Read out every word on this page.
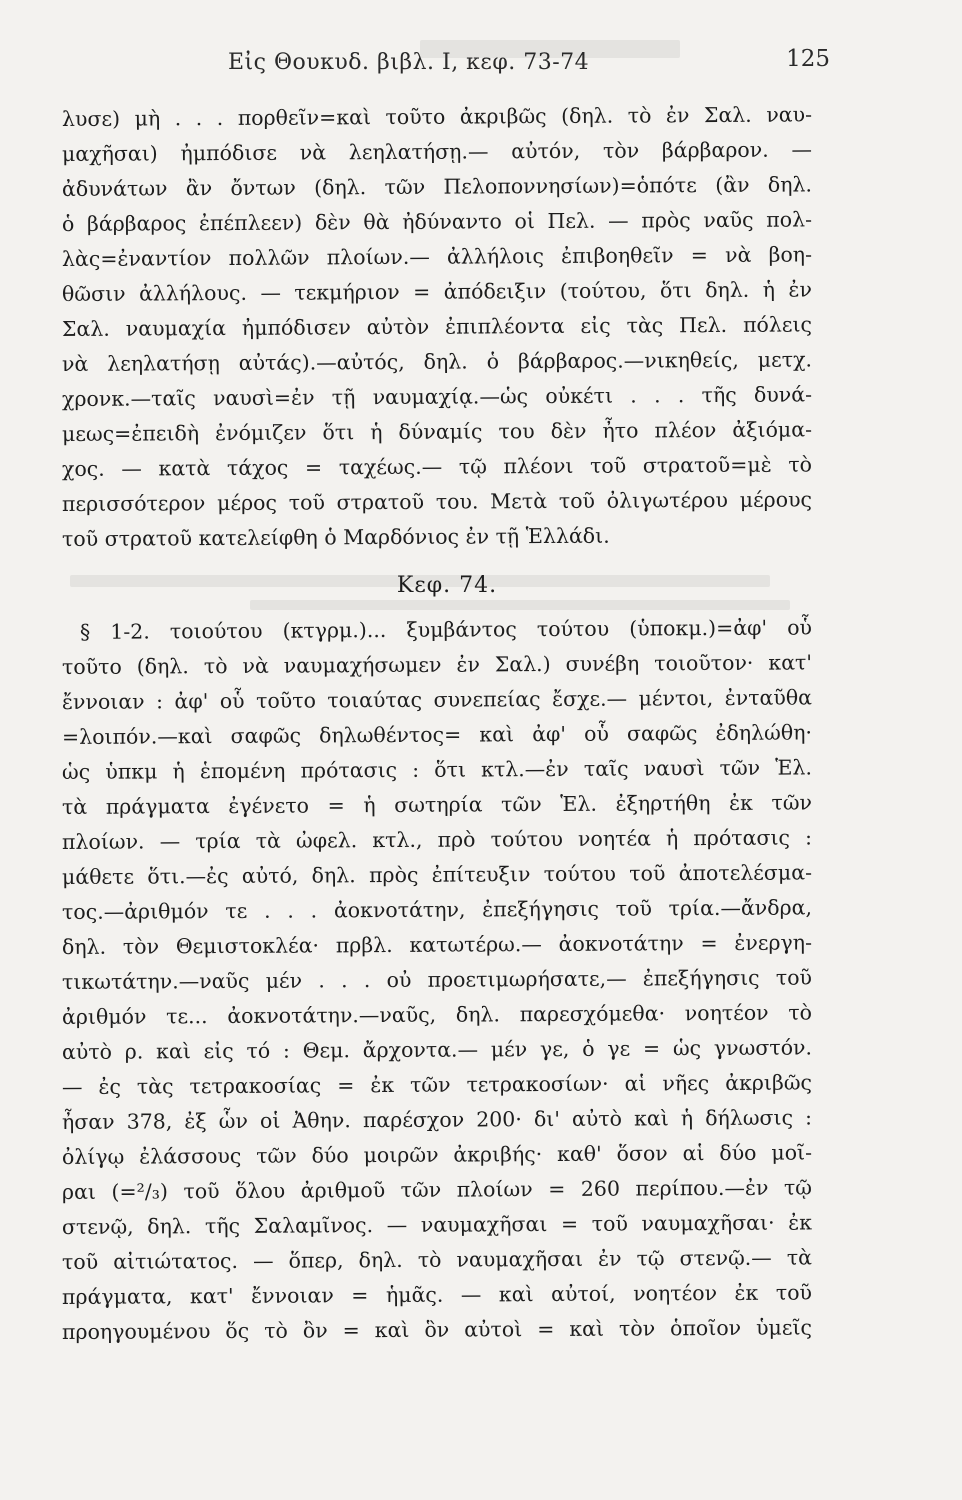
Εἰς Θουκυδ. βιβλ. I, κεφ. 73-74	125
λυσε) μὴ . . . πορθεῖν=καὶ τοῦτο ἀκριβῶς (δηλ. τὸ ἐν Σαλ. ναυ-
μαχῆσαι) ἠμπόδισε νὰ λεηλατήσῃ.— αὐτόν, τὸν βάρβαρον. —
ἀδυνάτων ἂν ὄντων (δηλ. τῶν Πελοποννησίων)=ὁπότε (ἂν δηλ.
ὁ βάρβαρος ἐπέπλεεν) δὲν θὰ ἠδύναντο οἱ Πελ. — πρὸς ναῦς πολ-
λὰς=ἐναντίον πολλῶν πλοίων.— ἀλλήλοις ἐπιβοηθεῖν = νὰ βοη-
θῶσιν ἀλλήλους. — τεκμήριον = ἀπόδειξιν (τούτου, ὅτι δηλ. ἡ ἐν
Σαλ. ναυμαχία ἠμπόδισεν αὐτὸν ἐπιπλέοντα εἰς τὰς Πελ. πόλεις
νὰ λεηλατήσῃ αὐτάς).—αὐτός, δηλ. ὁ βάρβαρος.—νικηθείς, μετχ.
χρονκ.—ταῖς ναυσὶ=ἐν τῇ ναυμαχίᾳ.—ὡς οὐκέτι . . . τῆς δυνά-
μεως=ἐπειδὴ ἐνόμιζεν ὅτι ἡ δύναμίς του δὲν ἦτο πλέον ἀξιόμα-
χος. — κατὰ τάχος = ταχέως.— τῷ πλέονι τοῦ στρατοῦ=μὲ τὸ
περισσότερον μέρος τοῦ στρατοῦ του. Μετὰ τοῦ ὀλιγωτέρου μέρους
τοῦ στρατοῦ κατελείφθη ὁ Μαρδόνιος ἐν τῇ Ἑλλάδι.
Κεφ. 74.
§ 1-2. τοιούτου (κτγρμ.)... ξυμβάντος τούτου (ὑποκμ.)=ἀφ' οὗ
τοῦτο (δηλ. τὸ νὰ ναυμαχήσωμεν ἐν Σαλ.) συνέβη τοιοῦτον· κατ'
ἔννοιαν : ἀφ' οὗ τοῦτο τοιαύτας συνεπείας ἔσχε.— μέντοι, ἐνταῦθα
=λοιπόν.—καὶ σαφῶς δηλωθέντος= καὶ ἀφ' οὗ σαφῶς ἐδηλώθη·
ὡς ὑπκμ ἡ ἑπομένη πρότασις : ὅτι κτλ.—ἐν ταῖς ναυσὶ τῶν Ἑλ.
τὰ πράγματα ἐγένετο = ἡ σωτηρία τῶν Ἑλ. ἐξηρτήθη ἐκ τῶν
πλοίων. — τρία τὰ ὠφελ. κτλ., πρὸ τούτου νοητέα ἡ πρότασις :
μάθετε ὅτι.—ἐς αὐτό, δηλ. πρὸς ἐπίτευξιν τούτου τοῦ ἀποτελέσμα-
τος.—ἀριθμόν τε . . . ἀοκνοτάτην, ἐπεξήγησις τοῦ τρία.—ἄνδρα,
δηλ. τὸν Θεμιστοκλέα· πρβλ. κατωτέρω.— ἀοκνοτάτην = ἐνεργη-
τικωτάτην.—ναῦς μέν . . . οὐ προετιμωρήσατε,— ἐπεξήγησις τοῦ
ἀριθμόν τε... ἀοκνοτάτην.—ναῦς, δηλ. παρεσχόμεθα· νοητέον τὸ
αὐτὸ ρ. καὶ εἰς τό : Θεμ. ἄρχοντα.— μέν γε, ὁ γε = ὡς γνωστόν.
— ἐς τὰς τετρακοσίας = ἐκ τῶν τετρακοσίων· αἱ νῆες ἀκριβῶς
ἦσαν 378, ἐξ ὧν οἱ Ἀθην. παρέσχον 200· δι' αὐτὸ καὶ ἡ δήλωσις :
ὀλίγῳ ἐλάσσους τῶν δύο μοιρῶν ἀκριβής· καθ' ὅσον αἱ δύο μοῖ-
ραι (=²/₃) τοῦ ὅλου ἀριθμοῦ τῶν πλοίων = 260 περίπου.—ἐν τῷ
στενῷ, δηλ. τῆς Σαλαμῖνος. — ναυμαχῆσαι = τοῦ ναυμαχῆσαι· ἐκ
τοῦ αἰτιώτατος. — ὅπερ, δηλ. τὸ ναυμαχῆσαι ἐν τῷ στενῷ.— τὰ
πράγματα, κατ' ἔννοιαν = ἡμᾶς. — καὶ αὐτοί, νοητέον ἐκ τοῦ
προηγουμένου ὅς τὸ ὂν = καὶ ὃν αὐτοὶ = καὶ τὸν ὁποῖον ὑμεῖς
